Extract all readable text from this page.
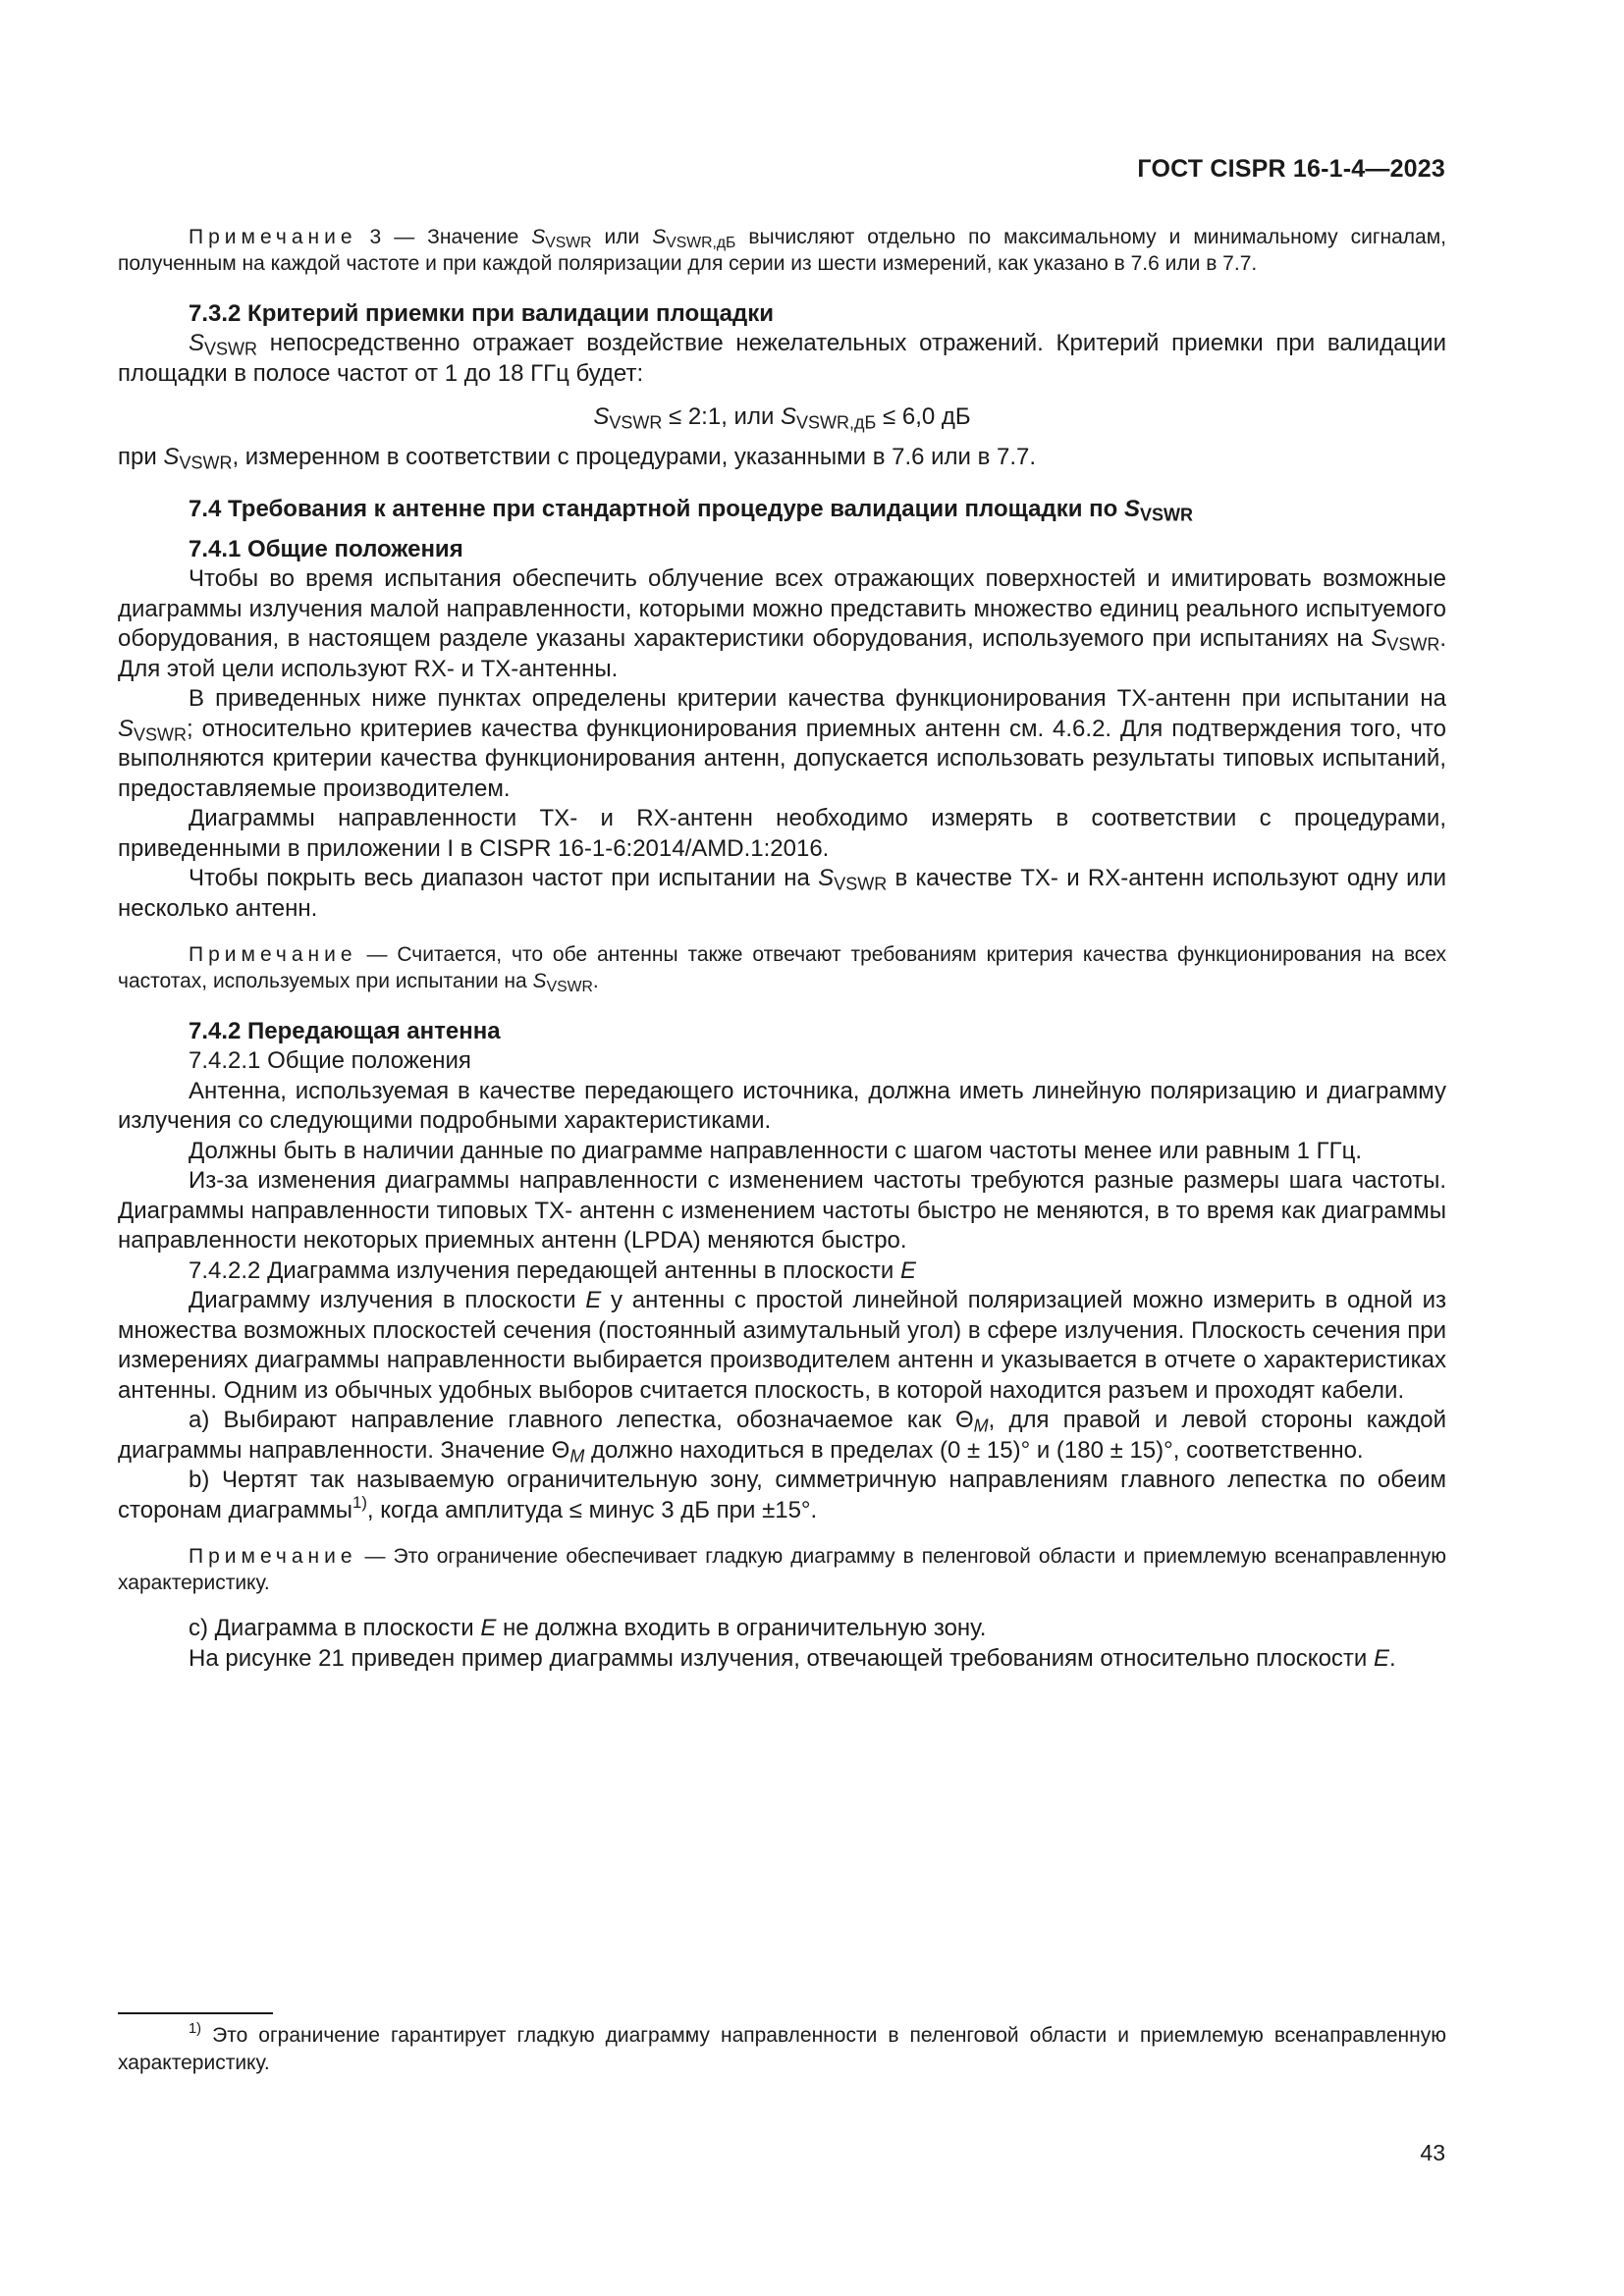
ГОСТ CISPR 16-1-4—2023

Примечание 3 — Значение $S_{VSWR}$ или $S_{VSWR,дБ}$ вычисляют отдельно по максимальному и минимальному сигналам, полученным на каждой частоте и при каждой поляризации для серии из шести измерений, как указано в 7.6 или в 7.7.

7.3.2 Критерий приемки при валидации площадки

$S_{VSWR}$ непосредственно отражает воздействие нежелательных отражений. Критерий приемки при валидации площадки в полосе частот от 1 до 18 ГГц будет:

$S_{VSWR}$ ≤ 2:1, или $S_{VSWR,дБ} \le 6,0$ дБ

при $S_{VSWR}$, измеренном в соответствии с процедурами, указанными в 7.6 или в 7.7.

7.4 Требования к антенне при стандартной процедуре валидации площадки по $S_{VSWR}$

7.4.1 Общие положения

Чтобы во время испытания обеспечить облучение всех отражающих поверхностей и имитировать возможные диаграммы излучения малой направленности, которыми можно представить множество единиц реального испытуемого оборудования, в настоящем разделе указаны характеристики оборудования, используемого при испытаниях на $S_{VSWR}$. Для этой цели используют RX- и TX-антенны.

В приведенных ниже пунктах определены критерии качества функционирования TX-антенн при испытании на $S_{VSWR}$; относительно критериев качества функционирования приемных антенн см. 4.6.2. Для подтверждения того, что выполняются критерии качества функционирования антенн, допускается использовать результаты типовых испытаний, предоставляемые производителем.

Диаграммы направленности TX- и RX-антенн необходимо измерять в соответствии с процедурами, приведенными в приложении I в CISPR 16-1-6:2014/AMD.1:2016.

Чтобы покрыть весь диапазон частот при испытании на $S_{VSWR}$ в качестве TX- и RX-антенн используют одну или несколько антенн.

Примечание — Считается, что обе антенны также отвечают требованиям критерия качества функционирования на всех частотах, используемых при испытании на $S_{VSWR}$.

7.4.2 Передающая антенна

7.4.2.1 Общие положения

Антенна, используемая в качестве передающего источника, должна иметь линейную поляризацию и диаграмму излучения со следующими подробными характеристиками.

Должны быть в наличии данные по диаграмме направленности с шагом частоты менее или равным 1 ГГц.

Из-за изменения диаграммы направленности с изменением частоты требуются разные размеры шага частоты. Диаграммы направленности типовых TX- антенн с изменением частоты быстро не меняются, в то время как диаграммы направленности некоторых приемных антенн (LPDA) меняются быстро.

7.4.2.2 Диаграмма излучения передающей антенны в плоскости E

Диаграмму излучения в плоскости E у антенны с простой линейной поляризацией можно измерить в одной из множества возможных плоскостей сечения (постоянный азимутальный угол) в сфере излучения. Плоскость сечения при измерениях диаграммы направленности выбирается производителем антенн и указывается в отчете о характеристиках антенны. Одним из обычных удобных выборов считается плоскость, в которой находится разъем и проходят кабели.

а) Выбирают направление главного лепестка, обозначаемое как $\Theta_M$, для правой и левой стороны каждой диаграммы направленности. Значение $\Theta_M$ должно находиться в пределах (0 ± 15)° и (180 ± 15)°, соответственно.

b) Чертят так называемую ограничительную зону, симметричную направлениям главного лепестка по обеим сторонам диаграммы$^{1)}$, когда амплитуда ≤ минус 3 дБ при ±15°.

Примечание — Это ограничение обеспечивает гладкую диаграмму в пеленговой области и приемлемую всенаправленную характеристику.

с) Диаграмма в плоскости E не должна входить в ограничительную зону.

На рисунке 21 приведен пример диаграммы излучения, отвечающей требованиям относительно плоскости E.

$^{1)}$ Это ограничение гарантирует гладкую диаграмму направленности в пеленговой области и приемлемую всенаправленную характеристику.

43
